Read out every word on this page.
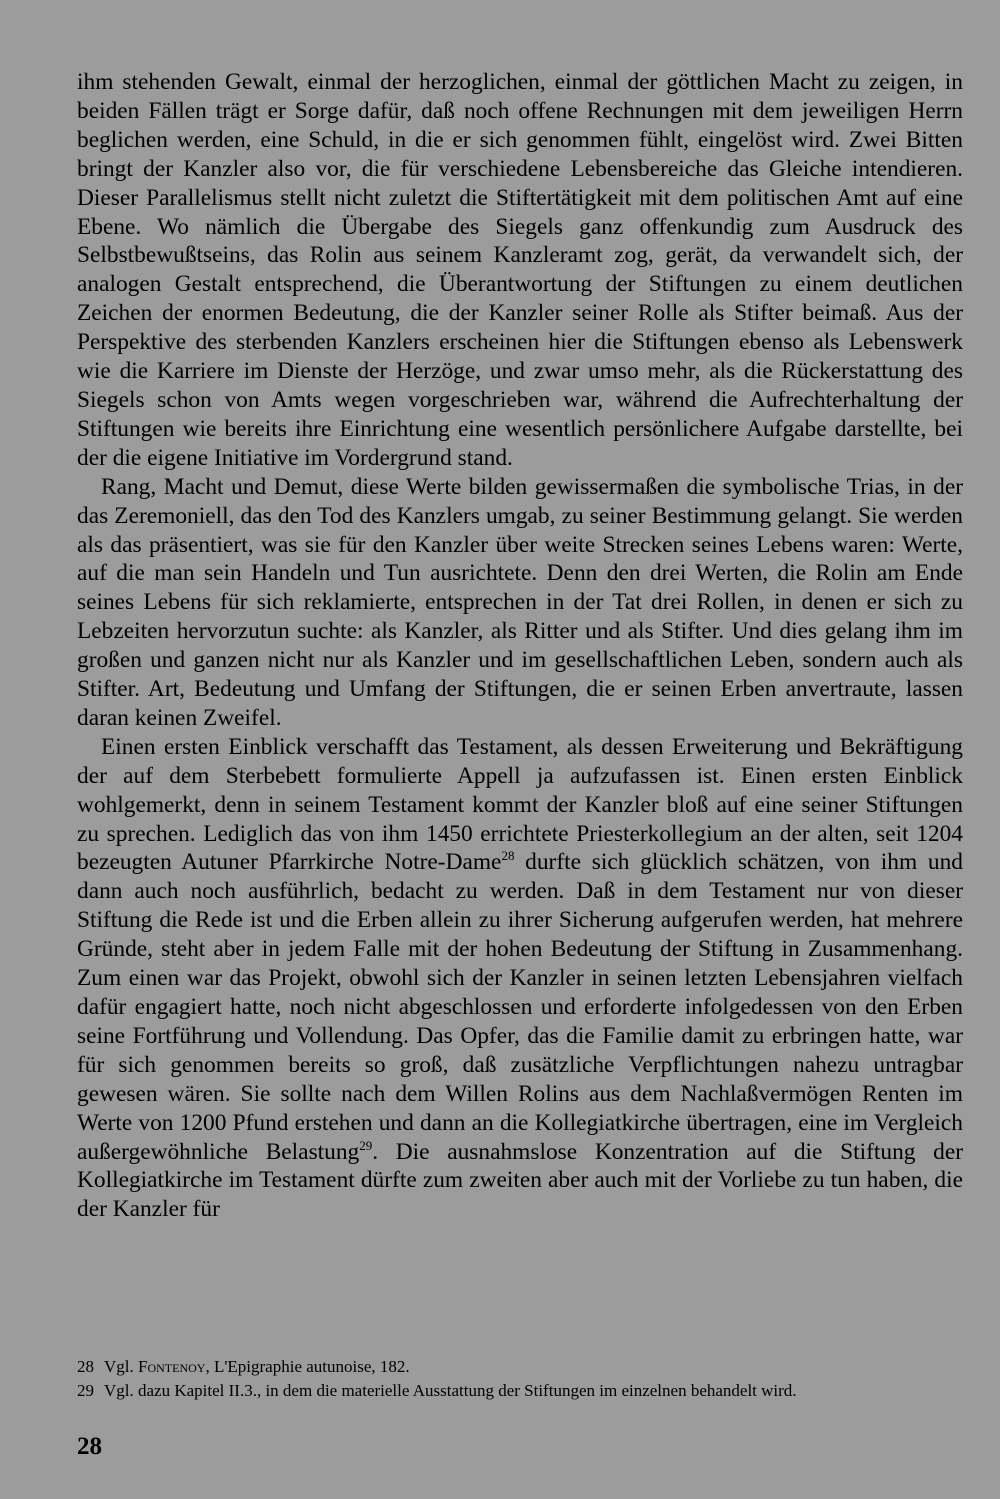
ihm stehenden Gewalt, einmal der herzoglichen, einmal der göttlichen Macht zu zeigen, in beiden Fällen trägt er Sorge dafür, daß noch offene Rechnungen mit dem jeweiligen Herrn beglichen werden, eine Schuld, in die er sich genommen fühlt, eingelöst wird. Zwei Bitten bringt der Kanzler also vor, die für verschiedene Lebensbereiche das Gleiche intendieren. Dieser Parallelismus stellt nicht zuletzt die Stiftertätigkeit mit dem politischen Amt auf eine Ebene. Wo nämlich die Übergabe des Siegels ganz offenkundig zum Ausdruck des Selbstbewußtseins, das Rolin aus seinem Kanzleramt zog, gerät, da verwandelt sich, der analogen Gestalt entsprechend, die Überantwortung der Stiftungen zu einem deutlichen Zeichen der enormen Bedeutung, die der Kanzler seiner Rolle als Stifter beimaß. Aus der Perspektive des sterbenden Kanzlers erscheinen hier die Stiftungen ebenso als Lebenswerk wie die Karriere im Dienste der Herzöge, und zwar umso mehr, als die Rückerstattung des Siegels schon von Amts wegen vorgeschrieben war, während die Aufrechterhaltung der Stiftungen wie bereits ihre Einrichtung eine wesentlich persönlichere Aufgabe darstellte, bei der die eigene Initiative im Vordergrund stand.

Rang, Macht und Demut, diese Werte bilden gewissermaßen die symbolische Trias, in der das Zeremoniell, das den Tod des Kanzlers umgab, zu seiner Bestimmung gelangt. Sie werden als das präsentiert, was sie für den Kanzler über weite Strecken seines Lebens waren: Werte, auf die man sein Handeln und Tun ausrichtete. Denn den drei Werten, die Rolin am Ende seines Lebens für sich reklamierte, entsprechen in der Tat drei Rollen, in denen er sich zu Lebzeiten hervorzutun suchte: als Kanzler, als Ritter und als Stifter. Und dies gelang ihm im großen und ganzen nicht nur als Kanzler und im gesellschaftlichen Leben, sondern auch als Stifter. Art, Bedeutung und Umfang der Stiftungen, die er seinen Erben anvertraute, lassen daran keinen Zweifel.

Einen ersten Einblick verschafft das Testament, als dessen Erweiterung und Bekräftigung der auf dem Sterbebett formulierte Appell ja aufzufassen ist. Einen ersten Einblick wohlgemerkt, denn in seinem Testament kommt der Kanzler bloß auf eine seiner Stiftungen zu sprechen. Lediglich das von ihm 1450 errichtete Priesterkollegium an der alten, seit 1204 bezeugten Autuner Pfarrkirche Notre-Dame$^{28}$ durfte sich glücklich schätzen, von ihm und dann auch noch ausführlich, bedacht zu werden. Daß in dem Testament nur von dieser Stiftung die Rede ist und die Erben allein zu ihrer Sicherung aufgerufen werden, hat mehrere Gründe, steht aber in jedem Falle mit der hohen Bedeutung der Stiftung in Zusammenhang. Zum einen war das Projekt, obwohl sich der Kanzler in seinen letzten Lebensjahren vielfach dafür engagiert hatte, noch nicht abgeschlossen und erforderte infolgedessen von den Erben seine Fortführung und Vollendung. Das Opfer, das die Familie damit zu erbringen hatte, war für sich genommen bereits so groß, daß zusätzliche Verpflichtungen nahezu untragbar gewesen wären. Sie sollte nach dem Willen Rolins aus dem Nachlaßvermögen Renten im Werte von 1200 Pfund erstehen und dann an die Kollegiatkirche übertragen, eine im Vergleich außergewöhnliche Belastung$^{29}$. Die ausnahmslose Konzentration auf die Stiftung der Kollegiatkirche im Testament dürfte zum zweiten aber auch mit der Vorliebe zu tun haben, die der Kanzler für

28 Vgl. Fontenoy, L'Epigraphie autunoise, 182.

29 Vgl. dazu Kapitel II.3., in dem die materielle Ausstattung der Stiftungen im einzelnen behandelt wird.

28
